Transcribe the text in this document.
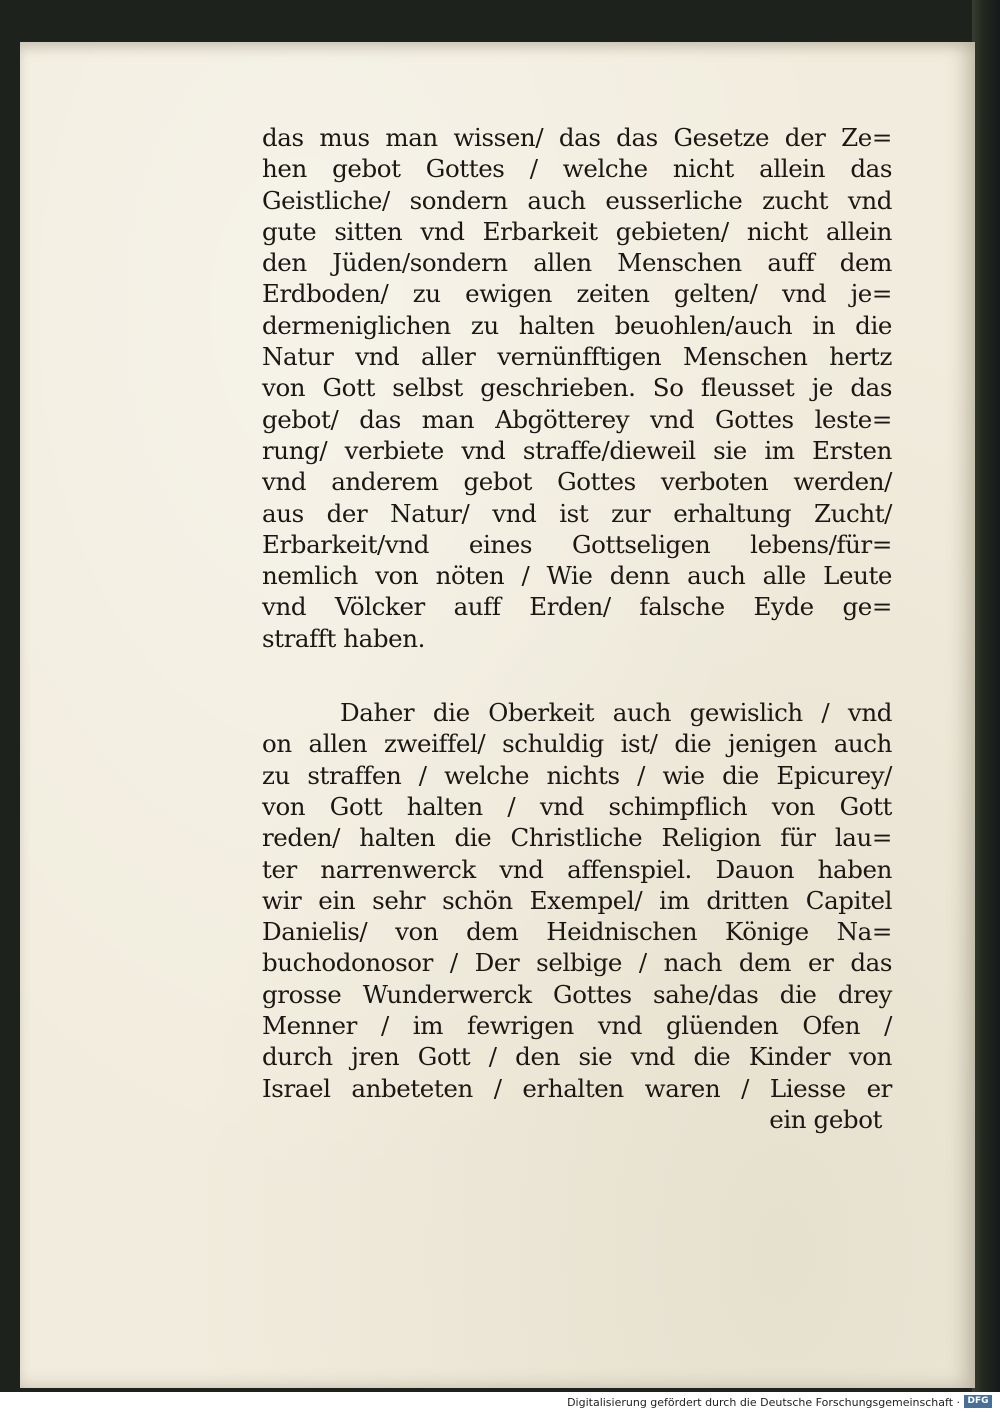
das mus man wissen/ das das Gesetze der Ze=
hen gebot Gottes / welche nicht allein das
Geistliche/ sondern auch eusserliche zucht vnd
gute sitten vnd Erbarkeit gebieten/ nicht allein
den Jüden/sondern allen Menschen auff dem
Erdboden/ zu ewigen zeiten gelten/ vnd je=
dermeniglichen zu halten beuohlen/auch in die
Natur vnd aller vernünfftigen Menschen hertz
von Gott selbst geschrieben. So fleusset je das
gebot/ das man Abgötterey vnd Gottes leste=
rung/ verbiete vnd straffe/dieweil sie im Ersten
vnd anderem gebot Gottes verboten werden/
aus der Natur/ vnd ist zur erhaltung Zucht/
Erbarkeit/vnd eines Gottseligen lebens/für=
nemlich von nöten / Wie denn auch alle Leute
vnd Völcker auff Erden/ falsche Eyde ge=
strafft haben.
Daher die Oberkeit auch gewislich / vnd
on allen zweiffel/ schuldig ist/ die jenigen auch
zu straffen / welche nichts / wie die Epicurey/
von Gott halten / vnd schimpflich von Gott
reden/ halten die Christliche Religion für lau=
ter narrenwerck vnd affenspiel. Dauon haben
wir ein sehr schön Exempel/ im dritten Capitel
Danielis/ von dem Heidnischen Könige Na=
buchodonosor / Der selbige / nach dem er das
grosse Wunderwerck Gottes sahe/das die drey
Menner / im fewrigen vnd glüenden Ofen /
durch jren Gott / den sie vnd die Kinder von
Israel anbeteten / erhalten waren / Liesse er
ein gebot
Digitalisierung gefördert durch die Deutsche Forschungsgemeinschaft · DFG
